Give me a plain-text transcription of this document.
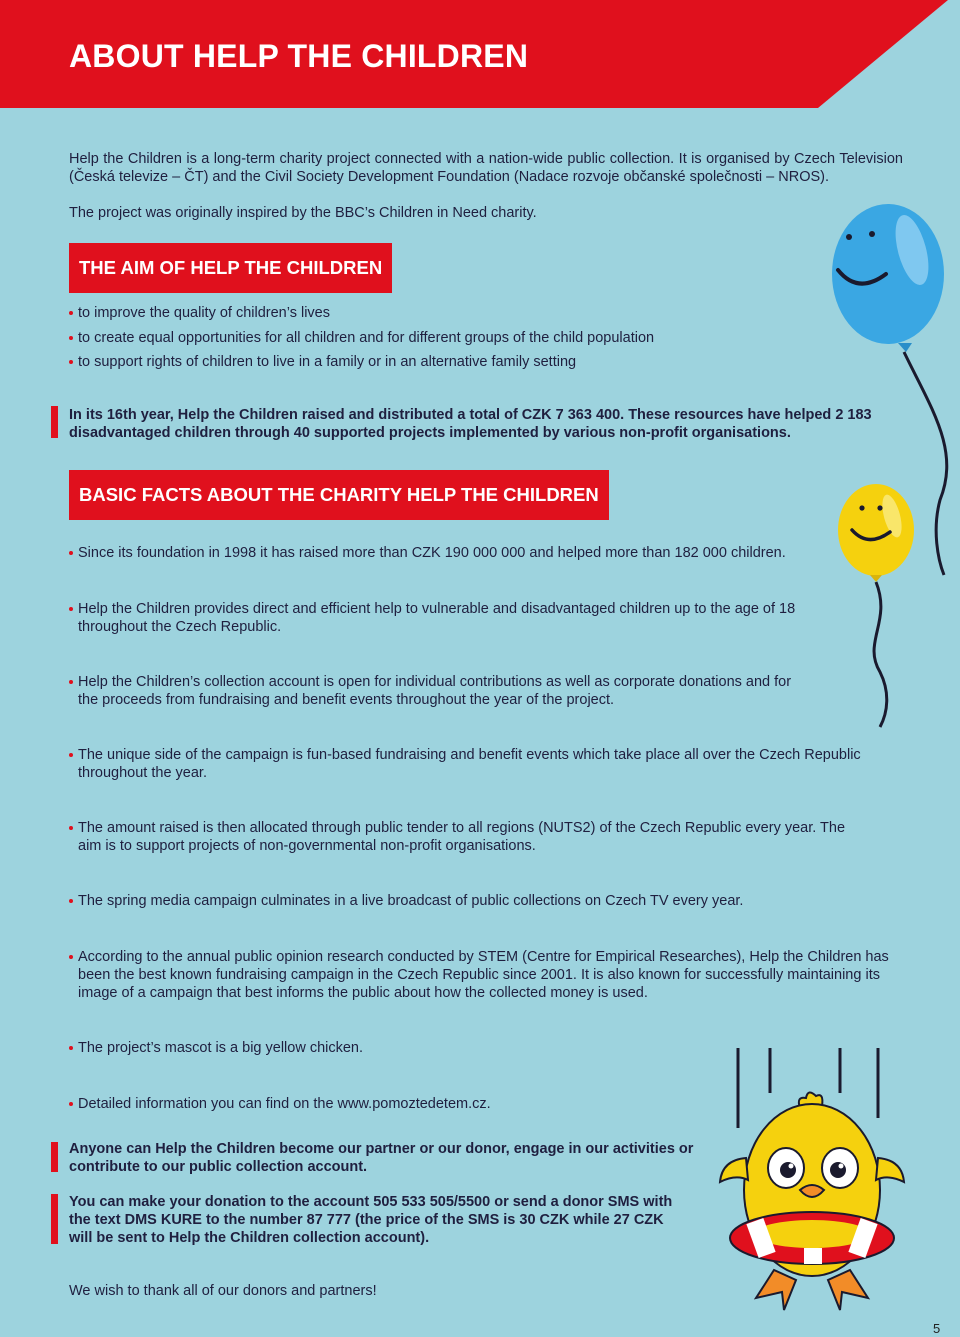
ABOUT HELP THE CHILDREN

Help the Children is a long-term charity project connected with a nation-wide public collection. It is organised by Czech Television (Česká televize – ČT) and the Civil Society Development Foundation (Nadace rozvoje občanské společnosti – NROS).

The project was originally inspired by the BBC’s Children in Need charity.

THE AIM OF HELP THE CHILDREN
to improve the quality of children’s lives
to create equal opportunities for all children and for different groups of the child population
to support rights of children to live in a family or in an alternative family setting
In its 16th year, Help the Children raised and distributed a total of CZK 7 363 400. These resources have helped 2 183 disadvantaged children through 40 supported projects implemented by various non-profit organisations.
BASIC FACTS ABOUT THE CHARITY HELP THE CHILDREN
Since its foundation in 1998 it has raised more than CZK 190 000 000 and helped more than 182 000 children.
Help the Children provides direct and efficient help to vulnerable and disadvantaged children up to the age of 18 throughout the Czech Republic.
Help the Children’s collection account is open for individual contributions as well as corporate donations and for the proceeds from fundraising and benefit events throughout the year of the project.
The unique side of the campaign is fun-based fundraising and benefit events which take place all over the Czech Republic throughout the year.
The amount raised is then allocated through public tender to all regions (NUTS2) of the Czech Republic every year. The aim is to support projects of non-governmental non-profit organisations.
The spring media campaign culminates in a live broadcast of public collections on Czech TV every year.
According to the annual public opinion research conducted by STEM (Centre for Empirical Researches), Help the Children has been the best known fundraising campaign in the Czech Republic since 2001. It is also known for successfully maintaining its image of a campaign that best informs the public about how the collected money is used.
The project’s mascot is a big yellow chicken.
Detailed information you can find on the www.pomoztedetem.cz.
Anyone can Help the Children become our partner or our donor, engage in our activities or contribute to our public collection account.
You can make your donation to the account 505 533 505/5500 or send a donor SMS with the text DMS KURE to the number 87 777 (the price of the SMS is 30 CZK while 27 CZK will be sent to Help the Children collection account).
We wish to thank all of our donors and partners!
5
